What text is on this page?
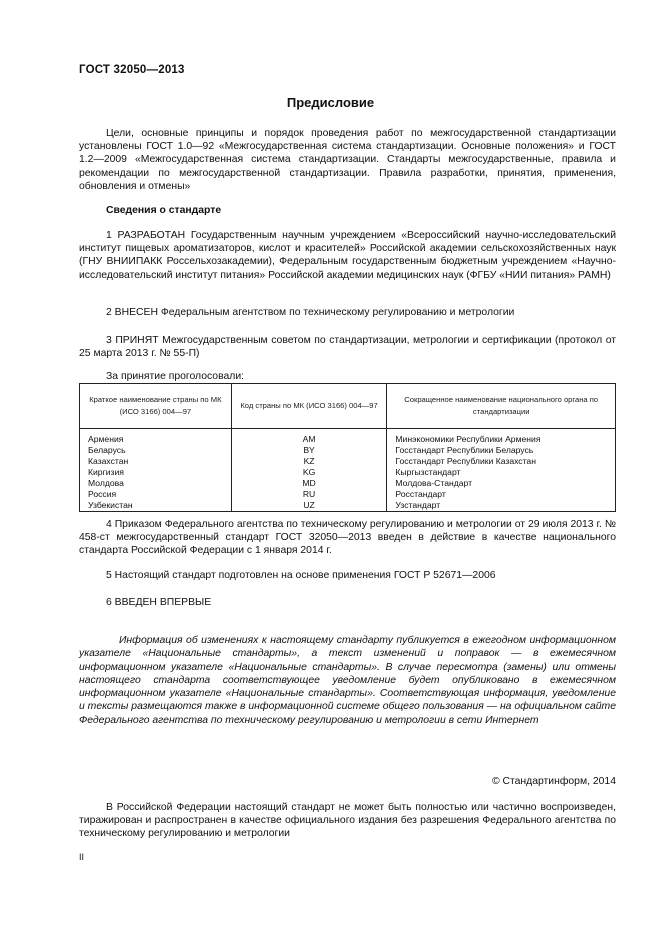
ГОСТ 32050—2013
Предисловие
Цели, основные принципы и порядок проведения работ по межгосударственной стандартизации установлены ГОСТ 1.0—92 «Межгосударственная система стандартизации. Основные положения» и ГОСТ 1.2—2009 «Межгосударственная система стандартизации. Стандарты межгосударственные, правила и рекомендации по межгосударственной стандартизации. Правила разработки, принятия, применения, обновления и отмены»
Сведения о стандарте
1 РАЗРАБОТАН Государственным научным учреждением «Всероссийский научно-исследовательский институт пищевых ароматизаторов, кислот и красителей» Российской академии сельскохозяйственных наук (ГНУ ВНИИПАКК Россельхозакадемии), Федеральным государственным бюджетным учреждением «Научно-исследовательский институт питания» Российской академии медицинских наук (ФГБУ «НИИ питания» РАМН)
2 ВНЕСЕН Федеральным агентством по техническому регулированию и метрологии
3 ПРИНЯТ Межгосударственным советом по стандартизации, метрологии и сертификации (протокол от 25 марта 2013 г. № 55-П)
За принятие проголосовали:
Краткое наименование страны по МК (ИСО 3166) 004—97	Код страны по МК (ИСО 3166) 004—97	Сокращенное наименование национального органа по стандартизации
Армения	AM	Минэкономики Республики Армения
Беларусь	BY	Госстандарт Республики Беларусь
Казахстан	KZ	Госстандарт Республики Казахстан
Киргизия	KG	Кыргызстандарт
Молдова	MD	Молдова-Стандарт
Россия	RU	Росстандарт
Узбекистан	UZ	Узстандарт
4 Приказом Федерального агентства по техническому регулированию и метрологии от 29 июля 2013 г. № 458-ст межгосударственный стандарт ГОСТ 32050—2013 введен в действие в качестве национального стандарта Российской Федерации с 1 января 2014 г.
5 Настоящий стандарт подготовлен на основе применения ГОСТ Р 52671—2006
6 ВВЕДЕН ВПЕРВЫЕ
Информация об изменениях к настоящему стандарту публикуется в ежегодном информационном указателе «Национальные стандарты», а текст изменений и поправок — в ежемесячном информационном указателе «Национальные стандарты». В случае пересмотра (замены) или отмены настоящего стандарта соответствующее уведомление будет опубликовано в ежемесячном информационном указателе «Национальные стандарты». Соответствующая информация, уведомление и тексты размещаются также в информационной системе общего пользования — на официальном сайте Федерального агентства по техническому регулированию и метрологии в сети Интернет
© Стандартинформ, 2014
В Российской Федерации настоящий стандарт не может быть полностью или частично воспроизведен, тиражирован и распространен в качестве официального издания без разрешения Федерального агентства по техническому регулированию и метрологии
II
